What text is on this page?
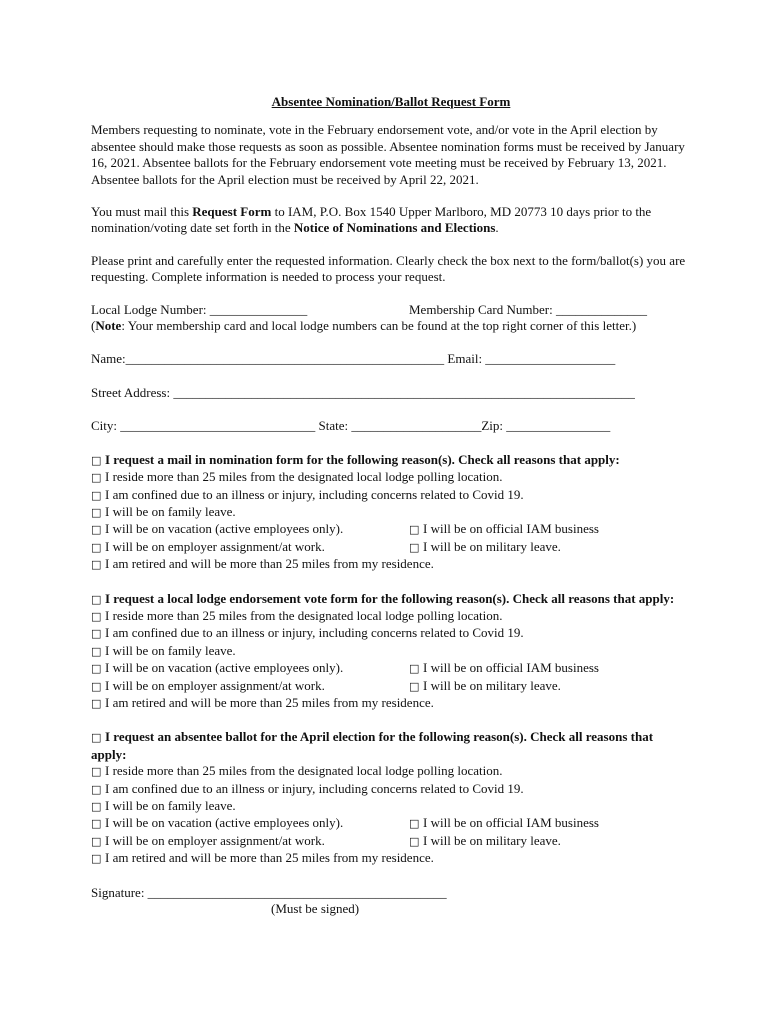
Absentee Nomination/Ballot Request Form
Members requesting to nominate, vote in the February endorsement vote, and/or vote in the April election by absentee should make those requests as soon as possible. Absentee nomination forms must be received by January 16, 2021. Absentee ballots for the February endorsement vote meeting must be received by February 13, 2021. Absentee ballots for the April election must be received by April 22, 2021.
You must mail this Request Form to IAM, P.O. Box 1540 Upper Marlboro, MD 20773 10 days prior to the nomination/voting date set forth in the Notice of Nominations and Elections.
Please print and carefully enter the requested information. Clearly check the box next to the form/ballot(s) you are requesting. Complete information is needed to process your request.
Local Lodge Number: _______________	Membership Card Number: ______________
(Note: Your membership card and local lodge numbers can be found at the top right corner of this letter.)
Name:_________________________________________________ Email: ____________________
Street Address: _______________________________________________________________________
City: ______________________________ State: ____________________Zip: ________________
□ I request a mail in nomination form for the following reason(s). Check all reasons that apply:
□ I reside more than 25 miles from the designated local lodge polling location.
□ I am confined due to an illness or injury, including concerns related to Covid 19.
□ I will be on family leave.
□ I will be on vacation (active employees only).	□ I will be on official IAM business
□ I will be on employer assignment/at work.	□ I will be on military leave.
□ I am retired and will be more than 25 miles from my residence.
□ I request a local lodge endorsement vote form for the following reason(s). Check all reasons that apply:
□ I reside more than 25 miles from the designated local lodge polling location.
□ I am confined due to an illness or injury, including concerns related to Covid 19.
□ I will be on family leave.
□ I will be on vacation (active employees only).	□ I will be on official IAM business
□ I will be on employer assignment/at work.	□ I will be on military leave.
□ I am retired and will be more than 25 miles from my residence.
□ I request an absentee ballot for the April election for the following reason(s). Check all reasons that apply:
□ I reside more than 25 miles from the designated local lodge polling location.
□ I am confined due to an illness or injury, including concerns related to Covid 19.
□ I will be on family leave.
□ I will be on vacation (active employees only).	□ I will be on official IAM business
□ I will be on employer assignment/at work.	□ I will be on military leave.
□ I am retired and will be more than 25 miles from my residence.
Signature: ______________________________________________
(Must be signed)
